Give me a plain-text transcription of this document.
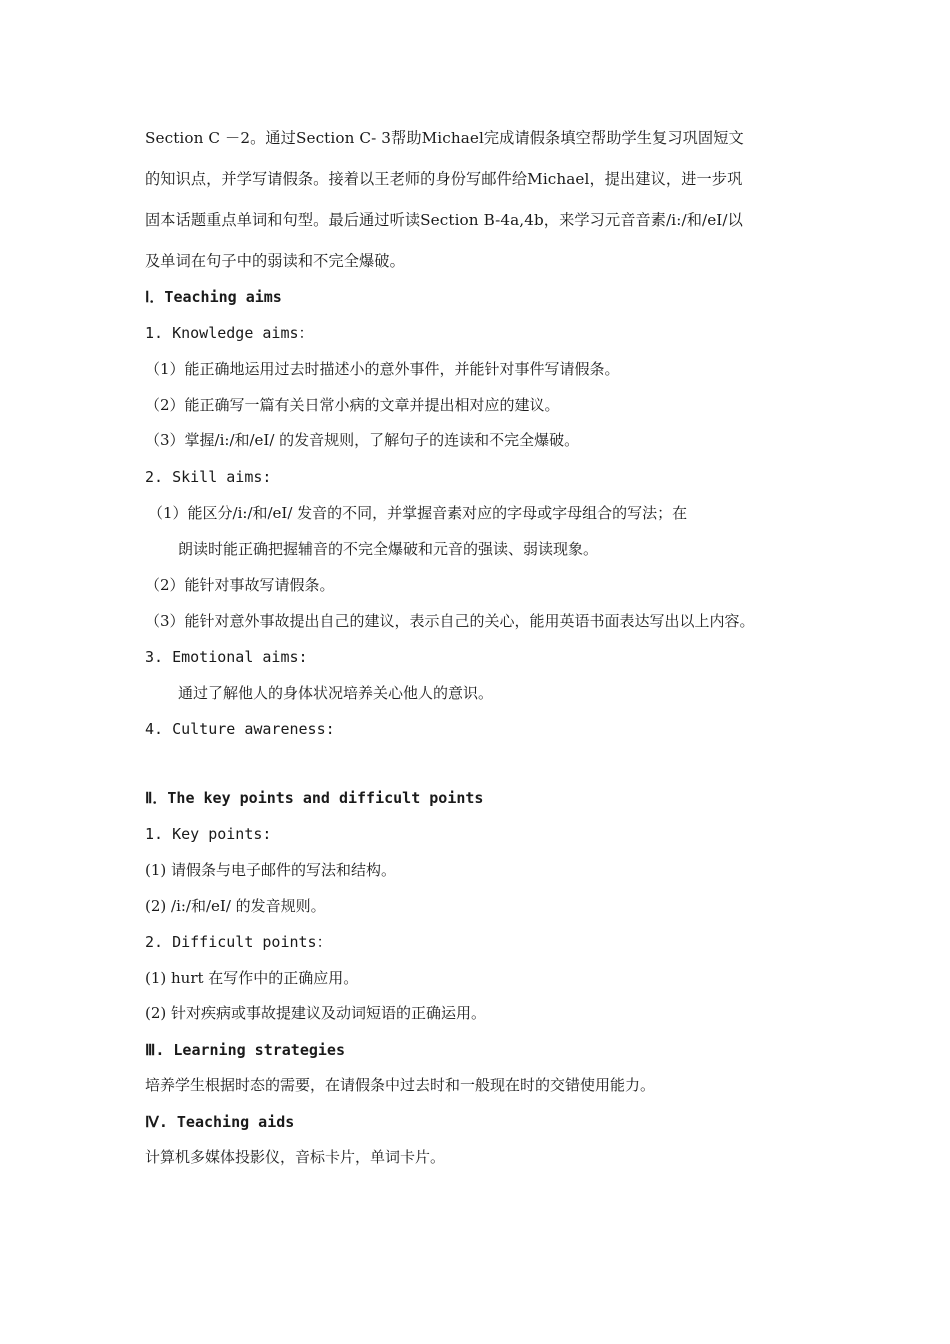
Section C －2。通过Section C- 3帮助Michael完成请假条填空帮助学生复习巩固短文
的知识点，并学写请假条。接着以王老师的身份写邮件给Michael，提出建议，进一步巩
固本话题重点单词和句型。最后通过听读Section B-4a,4b，来学习元音音素/i:/和/eI/以
及单词在句子中的弱读和不完全爆破。
Ⅰ．Teaching aims
1. Knowledge aims：
（1）能正确地运用过去时描述小的意外事件，并能针对事件写请假条。
（2）能正确写一篇有关日常小病的文章并提出相对应的建议。
（3）掌握/i:/和/eI/ 的发音规则，了解句子的连读和不完全爆破。
2. Skill aims:
（1）能区分/i:/和/eI/ 发音的不同，并掌握音素对应的字母或字母组合的写法；在
朗读时能正确把握辅音的不完全爆破和元音的强读、弱读现象。
（2）能针对事故写请假条。
（3）能针对意外事故提出自己的建议，表示自己的关心，能用英语书面表达写出以上内容。
3. Emotional aims:
通过了解他人的身体状况培养关心他人的意识。
4. Culture awareness:
Ⅱ．The key points and difficult points
1. Key points:
(1) 请假条与电子邮件的写法和结构。
(2) /i:/和/eI/ 的发音规则。
2. Difficult points：
(1) hurt 在写作中的正确应用。
(2) 针对疾病或事故提建议及动词短语的正确运用。
Ⅲ. Learning strategies
培养学生根据时态的需要，在请假条中过去时和一般现在时的交错使用能力。
Ⅳ. Teaching aids
计算机多媒体投影仪，音标卡片，单词卡片。
